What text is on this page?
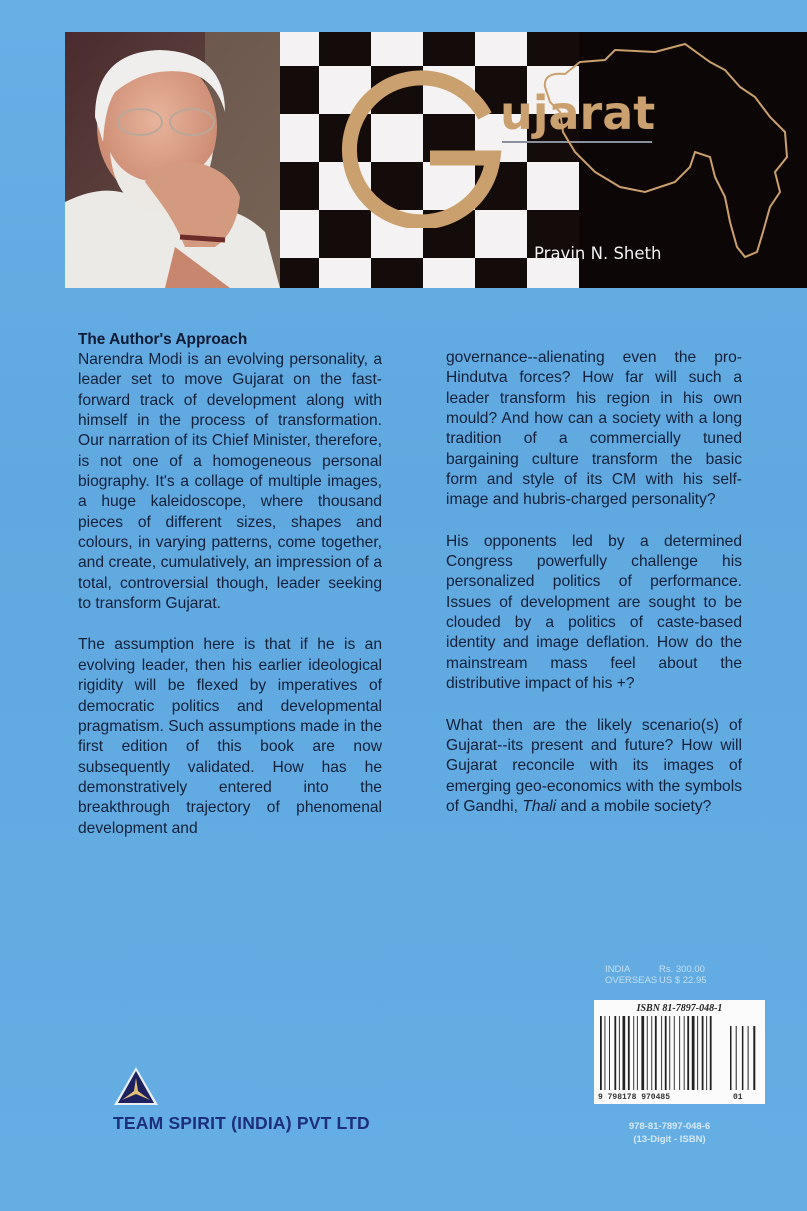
ujarat
Pravin N. Sheth

The Author's Approach

Narendra Modi is an evolving personality, a leader set to move Gujarat on the fast-forward track of development along with himself in the process of transformation. Our narration of its Chief Minister, therefore, is not one of a homogeneous personal biography. It's a collage of multiple images, a huge kaleidoscope, where thousand pieces of different sizes, shapes and colours, in varying patterns, come together, and create, cumulatively, an impression of a total, controversial though, leader seeking to transform Gujarat.

The assumption here is that if he is an evolving leader, then his earlier ideological rigidity will be flexed by imperatives of democratic politics and developmental pragmatism. Such assumptions made in the first edition of this book are now subsequently validated. How has he demonstratively entered into the breakthrough trajectory of phenomenal development and

governance--alienating even the pro-Hindutva forces? How far will such a leader transform his region in his own mould? And how can a society with a long tradition of a commercially tuned bargaining culture transform the basic form and style of its CM with his self-image and hubris-charged personality?

His opponents led by a determined Congress powerfully challenge his personalized politics of performance. Issues of development are sought to be clouded by a politics of caste-based identity and image deflation. How do the mainstream mass feel about the distributive impact of his +?

What then are the likely scenario(s) of Gujarat--its present and future? How will Gujarat reconcile with its images of emerging geo-economics with the symbols of Gandhi, Thali and a mobile society?

INDIA	Rs. 300.00
OVERSEAS US $ 22.95
ISBN 81-7897-048-1
9 798178 970485	01
978-81-7897-048-6
(13-Digit - ISBN)
TEAM SPIRIT (INDIA) PVT LTD
